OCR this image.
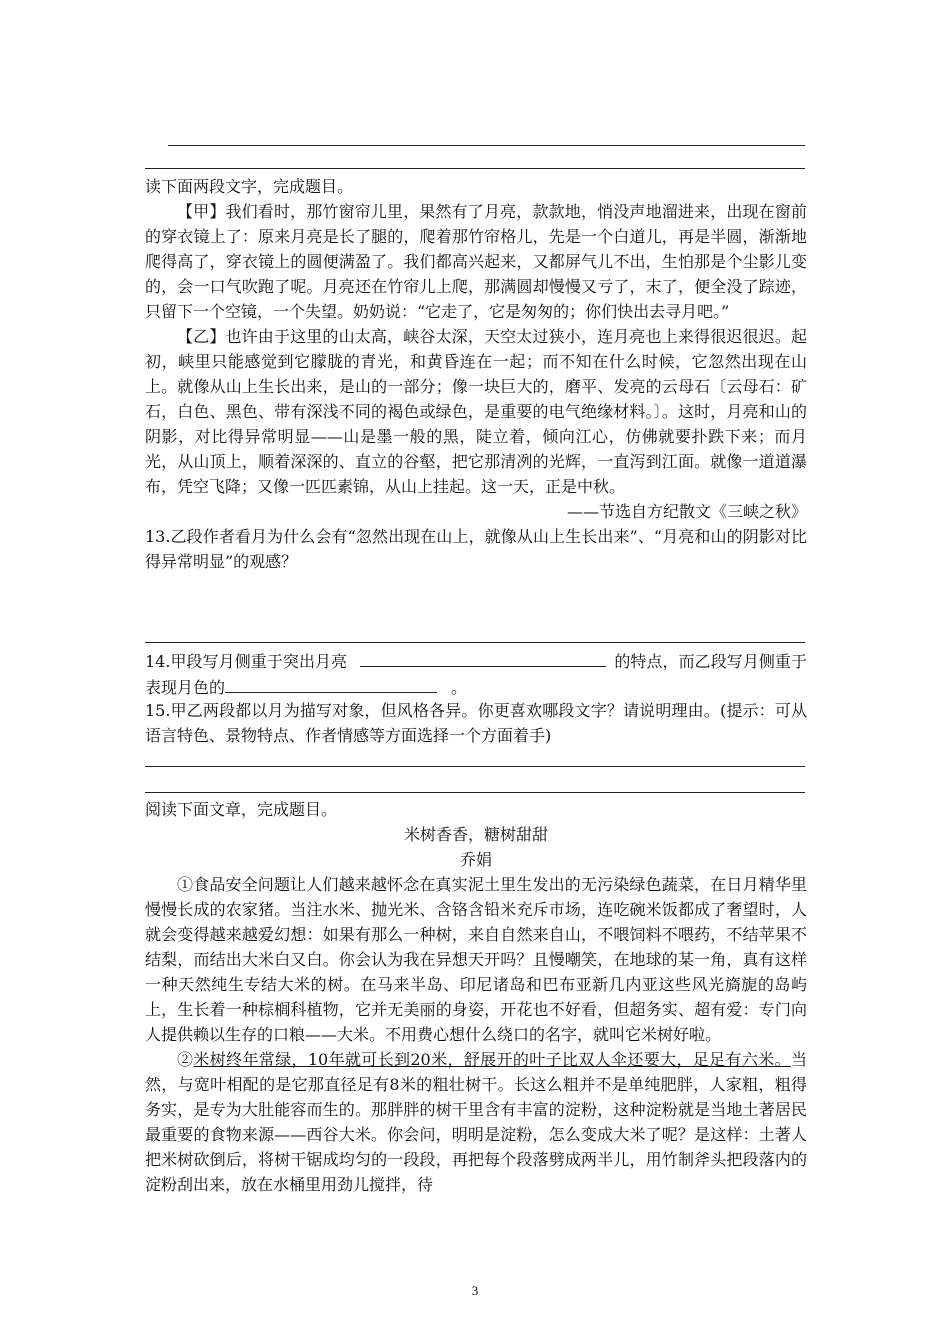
读下面两段文字，完成题目。

【甲】我们看时，那竹窗帘儿里，果然有了月亮，款款地，悄没声地溜进来，出现在窗前的穿衣镜上了：原来月亮是长了腿的，爬着那竹帘格儿，先是一个白道儿，再是半圆，渐渐地爬得高了，穿衣镜上的圆便满盈了。我们都高兴起来，又都屏气儿不出，生怕那是个尘影儿变的，会一口气吹跑了呢。月亮还在竹帘儿上爬，那满圆却慢慢又亏了，末了，便全没了踪迹，只留下一个空镜，一个失望。奶奶说：“它走了，它是匆匆的；你们快出去寻月吧。”

【乙】也许由于这里的山太高，峡谷太深，天空太过狭小，连月亮也上来得很迟很迟。起初，峡里只能感觉到它朦胧的青光，和黄昏连在一起；而不知在什么时候，它忽然出现在山上。就像从山上生长出来，是山的一部分；像一块巨大的，磨平、发亮的云母石〔云母石：矿石，白色、黑色、带有深浅不同的褐色或绿色，是重要的电气绝缘材料。〕。这时，月亮和山的阴影，对比得异常明显——山是墨一般的黑，陡立着，倾向江心，仿佛就要扑跌下来；而月光，从山顶上，顺着深深的、直立的谷壑，把它那清冽的光辉，一直泻到江面。就像一道道瀑布，凭空飞降；又像一匹匹素锦，从山上挂起。这一天，正是中秋。

——节选自方纪散文《三峡之秋》

13.乙段作者看月为什么会有“忽然出现在山上，就像从山上生长出来”、“月亮和山的阴影对比得异常明显”的观感？

14.甲段写月侧重于突出月亮	的特点，而乙段写月侧重于表现月色的	。

15.甲乙两段都以月为描写对象，但风格各异。你更喜欢哪段文字？请说明理由。(提示：可从语言特色、景物特点、作者情感等方面选择一个方面着手)

阅读下面文章，完成题目。

米树香香，糖树甜甜

乔娟

①食品安全问题让人们越来越怀念在真实泥土里生发出的无污染绿色蔬菜，在日月精华里慢慢长成的农家猪。当注水米、抛光米、含铬含铅米充斥市场，连吃碗米饭都成了奢望时，人就会变得越来越爱幻想：如果有那么一种树，来自自然来自山，不喂饲料不喂药，不结苹果不结梨，而结出大米白又白。你会认为我在异想天开吗？且慢嘲笑，在地球的某一角，真有这样一种天然纯生专结大米的树。在马来半岛、印尼诸岛和巴布亚新几内亚这些风光旖旎的岛屿上，生长着一种棕榈科植物，它并无美丽的身姿，开花也不好看，但超务实、超有爱：专门向人提供赖以生存的口粮——大米。不用费心想什么绕口的名字，就叫它米树好啦。

②米树终年常绿，10年就可长到20米，舒展开的叶子比双人伞还要大，足足有六米。当然，与宽叶相配的是它那直径足有8米的粗壮树干。长这么粗并不是单纯肥胖，人家粗，粗得务实，是专为大肚能容而生的。那胖胖的树干里含有丰富的淀粉，这种淀粉就是当地土著居民最重要的食物来源——西谷大米。你会问，明明是淀粉，怎么变成大米了呢？是这样：土著人把米树砍倒后，将树干锯成均匀的一段段，再把每个段落劈成两半儿，用竹制斧头把段落内的淀粉刮出来，放在水桶里用劲儿搅拌，待

3
